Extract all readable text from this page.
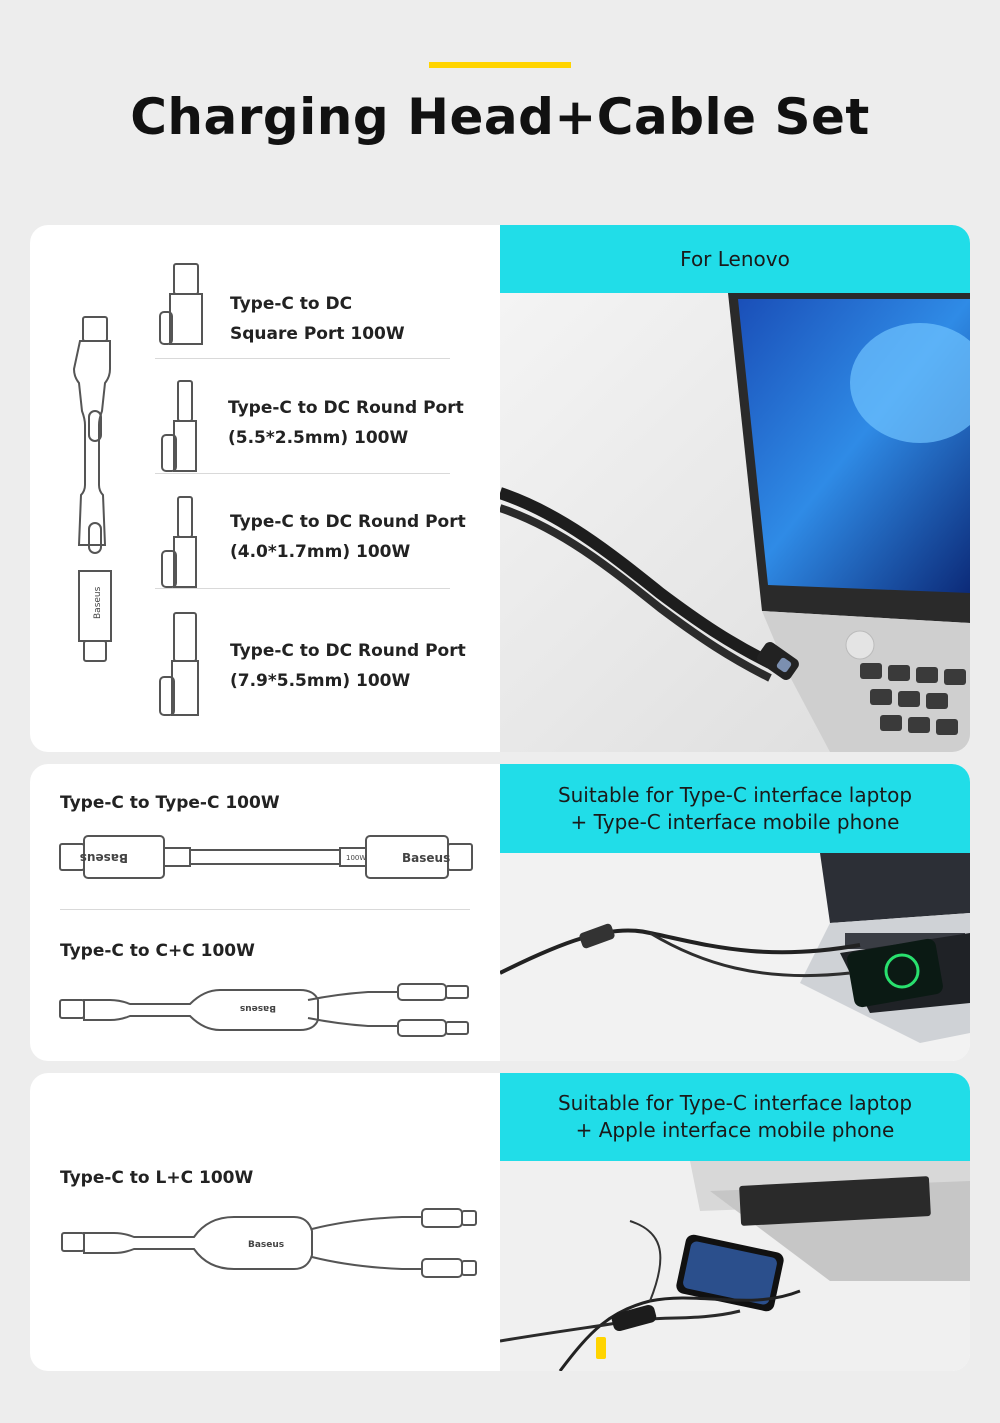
Charging Head+Cable Set
Baseus
Type-C to DC
Square Port 100W
Type-C to DC Round Port
(5.5*2.5mm) 100W
Type-C to DC Round Port
(4.0*1.7mm) 100W
Type-C to DC Round Port
(7.9*5.5mm) 100W
For Lenovo
Type-C to Type-C 100W
Baseus
100W
Baseus
Type-C to C+C 100W
Baseus
Suitable for Type-C interface laptop
+ Type-C interface mobile phone
Type-C to L+C 100W
Baseus
Suitable for Type-C interface laptop
+ Apple interface mobile phone
